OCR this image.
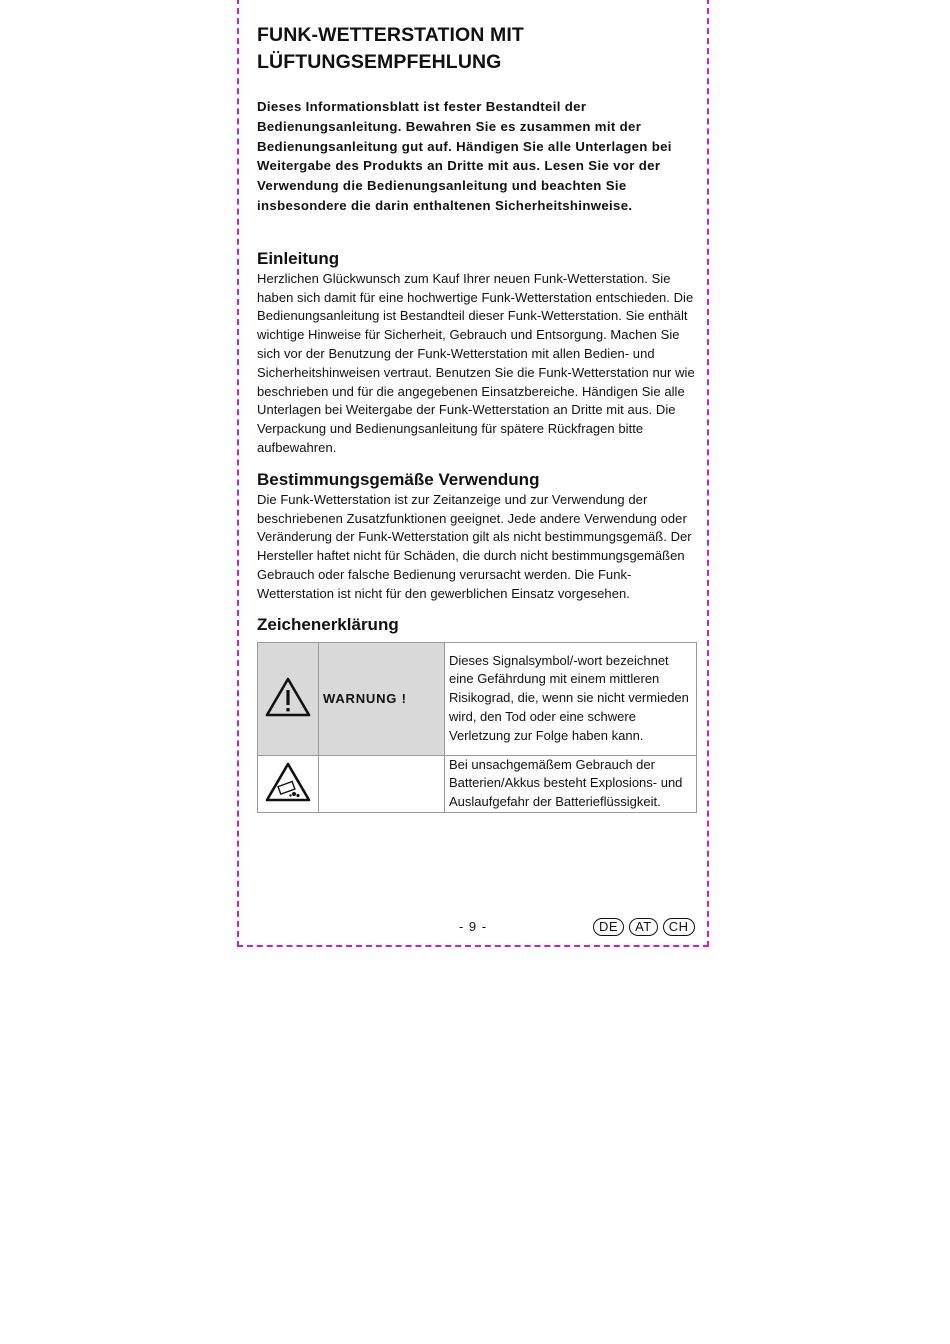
FUNK-WETTERSTATION MIT
LÜFTUNGSEMPFEHLUNG

Dieses Informationsblatt ist fester Bestandteil der Bedienungsanleitung. Bewahren Sie es zusammen mit der Bedienungsanleitung gut auf. Händigen Sie alle Unterlagen bei Weitergabe des Produkts an Dritte mit aus. Lesen Sie vor der Verwendung die Bedienungsanleitung und beachten Sie insbesondere die darin enthaltenen Sicherheitshinweise.

Einleitung

Herzlichen Glückwunsch zum Kauf Ihrer neuen Funk-Wetterstation. Sie haben sich damit für eine hochwertige Funk-Wetterstation entschieden. Die Bedienungsanleitung ist Bestandteil dieser Funk-Wetterstation. Sie enthält wichtige Hinweise für Sicherheit, Gebrauch und Entsorgung. Machen Sie sich vor der Benutzung der Funk-Wetterstation mit allen Bedien- und Sicherheitshinweisen vertraut. Benutzen Sie die Funk-Wetterstation nur wie beschrieben und für die angegebenen Einsatzbereiche. Händigen Sie alle Unterlagen bei Weitergabe der Funk-Wetterstation an Dritte mit aus. Die Verpackung und Bedienungsanleitung für spätere Rückfragen bitte aufbewahren.

Bestimmungsgemäße Verwendung

Die Funk-Wetterstation ist zur Zeitanzeige und zur Verwendung der beschriebenen Zusatzfunktionen geeignet. Jede andere Verwendung oder Veränderung der Funk-Wetterstation gilt als nicht bestimmungsgemäß. Der Hersteller haftet nicht für Schäden, die durch nicht bestimmungsgemäßen Gebrauch oder falsche Bedienung verursacht werden. Die Funk-Wetterstation ist nicht für den gewerblichen Einsatz vorgesehen.

Zeichenerklärung
	WARNUNG !	Dieses Signalsymbol/-wort bezeichnet eine Gefährdung mit einem mittleren Risikograd, die, wenn sie nicht vermieden wird, den Tod oder eine schwere Verletzung zur Folge haben kann.
		Bei unsachgemäßem Gebrauch der Batterien/Akkus besteht Explosions- und Auslaufgefahr der Batterieflüssigkeit.
- 9 -	DE	AT	CH
